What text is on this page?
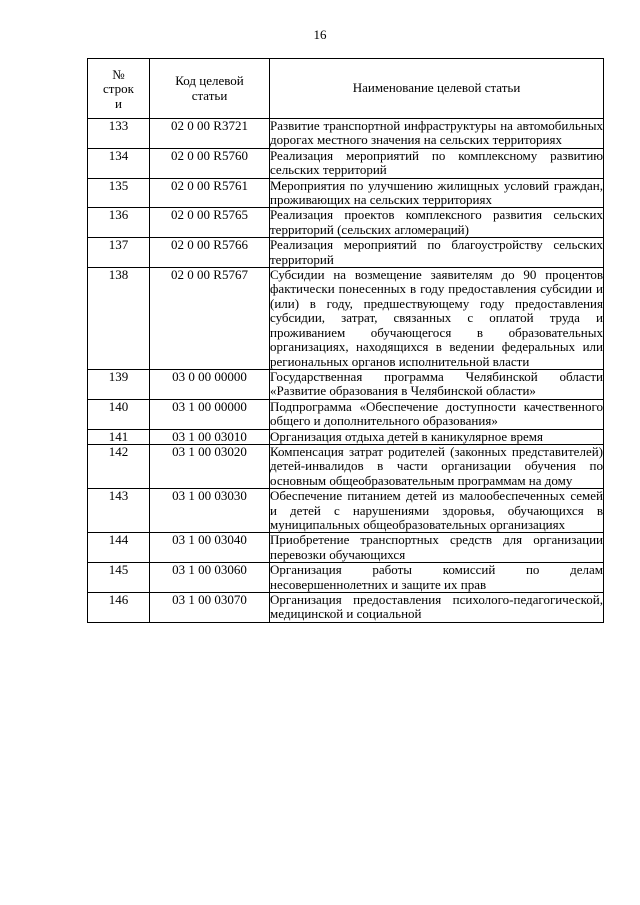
16
№
строк
и	Код целевой статьи	Наименование целевой статьи
133	02 0 00 R3721	Развитие транспортной инфраструктуры на автомобильных дорогах местного значения на сельских территориях
134	02 0 00 R5760	Реализация мероприятий по комплексному развитию сельских территорий
135	02 0 00 R5761	Мероприятия по улучшению жилищных условий граждан, проживающих на сельских территориях
136	02 0 00 R5765	Реализация проектов комплексного развития сельских территорий (сельских агломераций)
137	02 0 00 R5766	Реализация мероприятий по благоустройству сельских территорий
138	02 0 00 R5767	Субсидии на возмещение заявителям до 90 процентов фактически понесенных в году предоставления субсидии и (или) в году, предшествующему году предоставления субсидии, затрат, связанных с оплатой труда и проживанием обучающегося в образовательных организациях, находящихся в ведении федеральных или региональных органов исполнительной власти
139	03 0 00 00000	Государственная программа Челябинской области «Развитие образования в Челябинской области»
140	03 1 00 00000	Подпрограмма «Обеспечение доступности качественного общего и дополнительного образования»
141	03 1 00 03010	Организация отдыха детей в каникулярное время
142	03 1 00 03020	Компенсация затрат родителей (законных представителей) детей-инвалидов в части организации обучения по основным общеобразовательным программам на дому
143	03 1 00 03030	Обеспечение питанием детей из малообеспеченных семей и детей с нарушениями здоровья, обучающихся в муниципальных общеобразовательных организациях
144	03 1 00 03040	Приобретение транспортных средств для организации перевозки обучающихся
145	03 1 00 03060	Организация работы комиссий по делам несовершеннолетних и защите их прав
146	03 1 00 03070	Организация предоставления психолого-педагогической, медицинской и социальной
